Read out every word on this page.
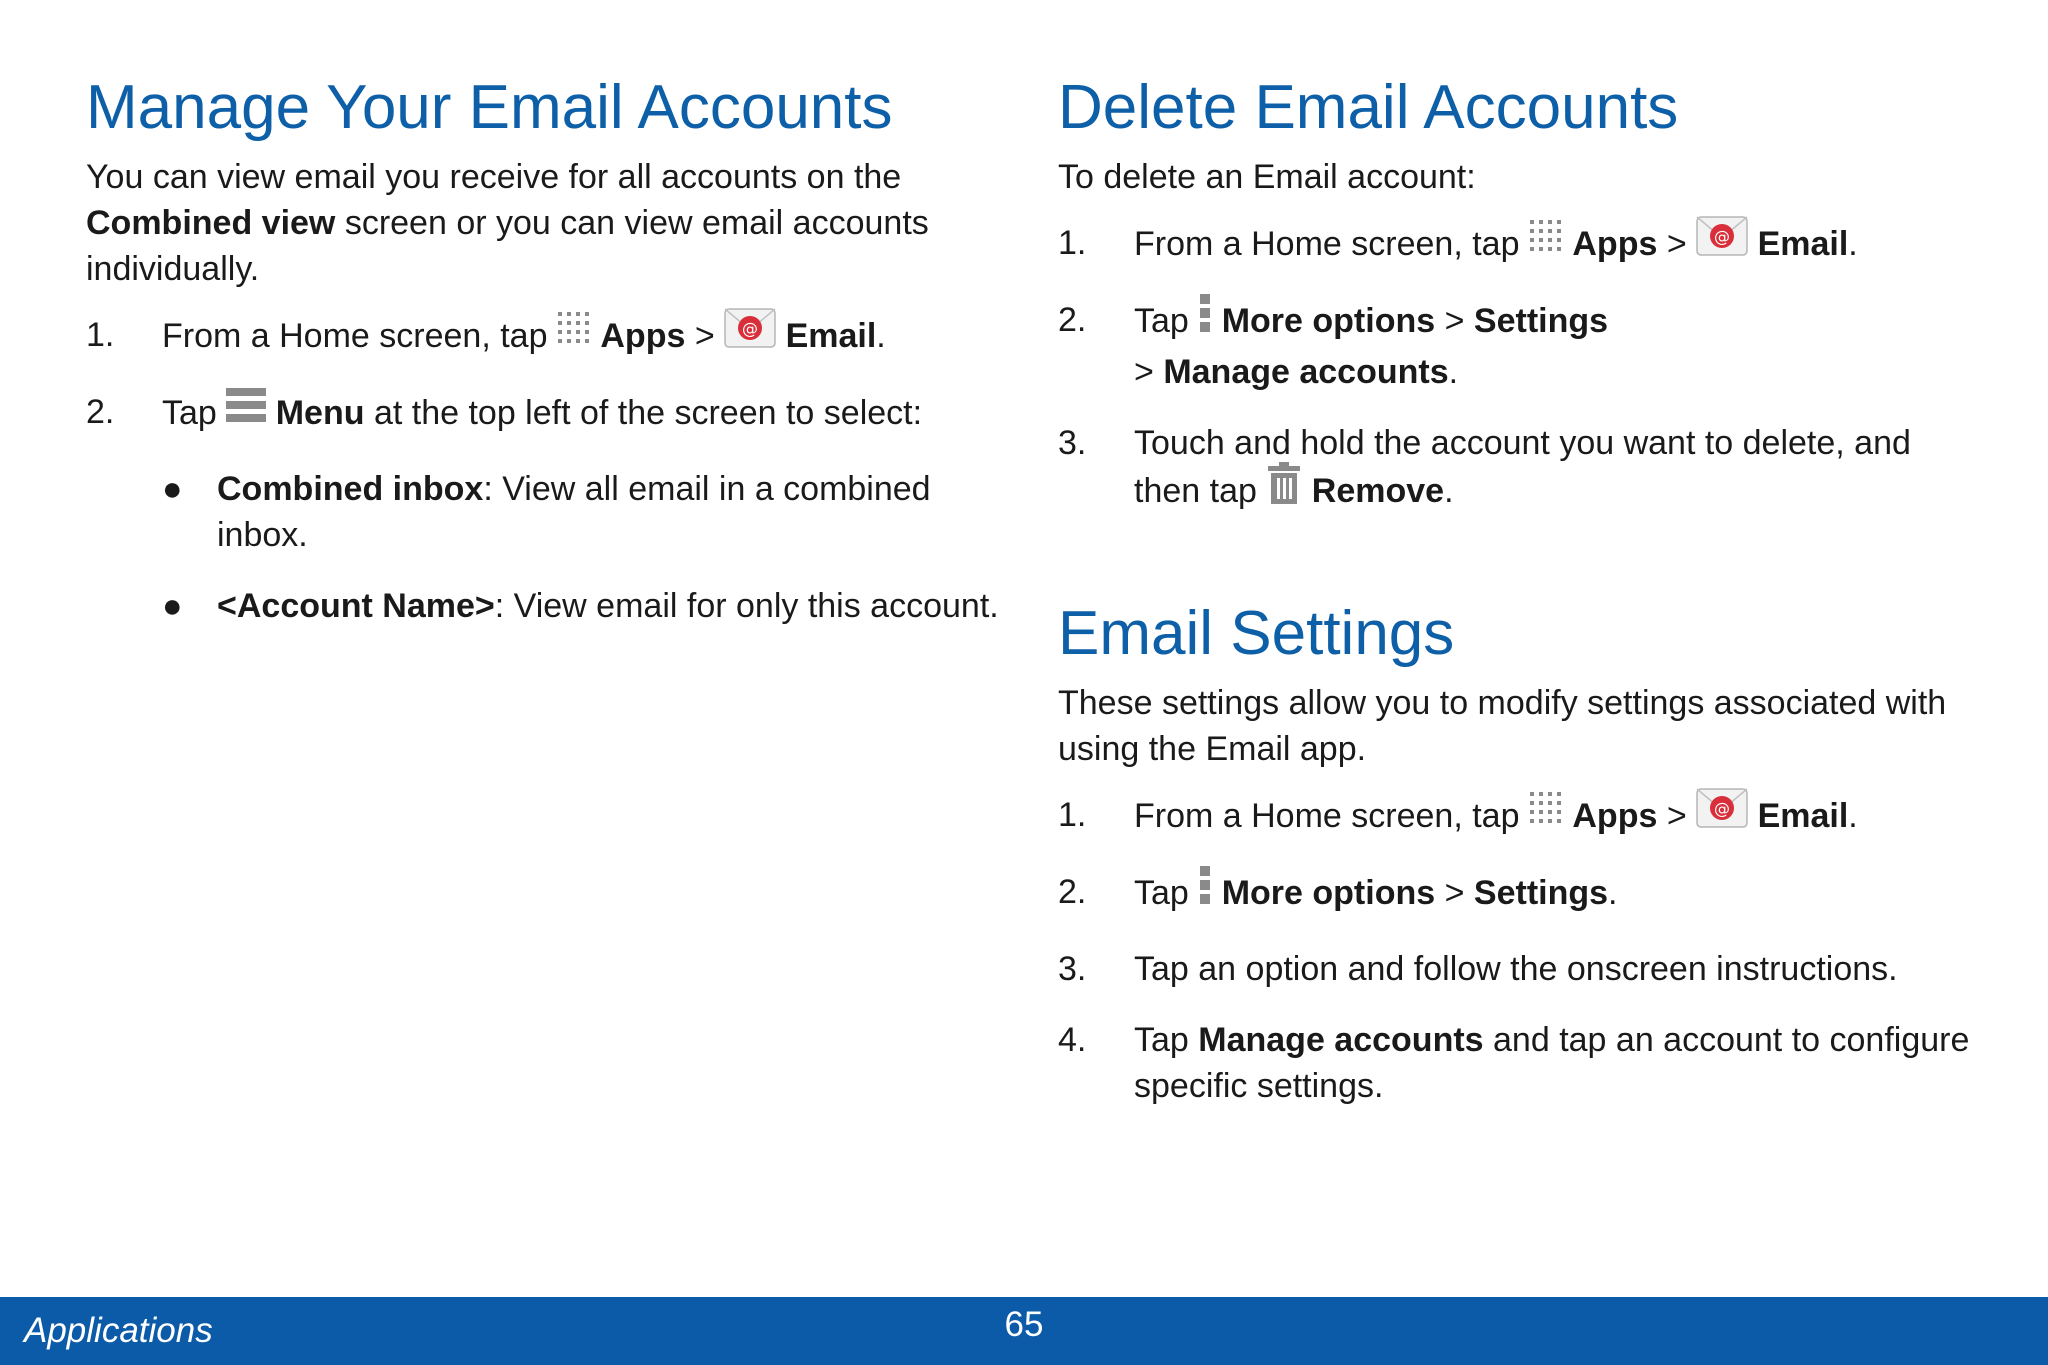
Manage Your Email Accounts

You can view email you receive for all accounts on the Combined view screen or you can view email accounts individually.

1. From a Home screen, tap  Apps > @ Email.
2. Tap  Menu at the top left of the screen to select:
● Combined inbox: View all email in a combined inbox.
● <Account Name>: View email for only this account.
Delete Email Accounts

To delete an Email account:

1. From a Home screen, tap  Apps > @ Email.
2. Tap  More options > Settings
> Manage accounts.
3. Touch and hold the account you want to delete, and then tap  Remove.
Email Settings

These settings allow you to modify settings associated with using the Email app.

1. From a Home screen, tap  Apps > @ Email.
2. Tap  More options > Settings.
3. Tap an option and follow the onscreen instructions.
4. Tap Manage accounts and tap an account to configure specific settings.
Applications	65
